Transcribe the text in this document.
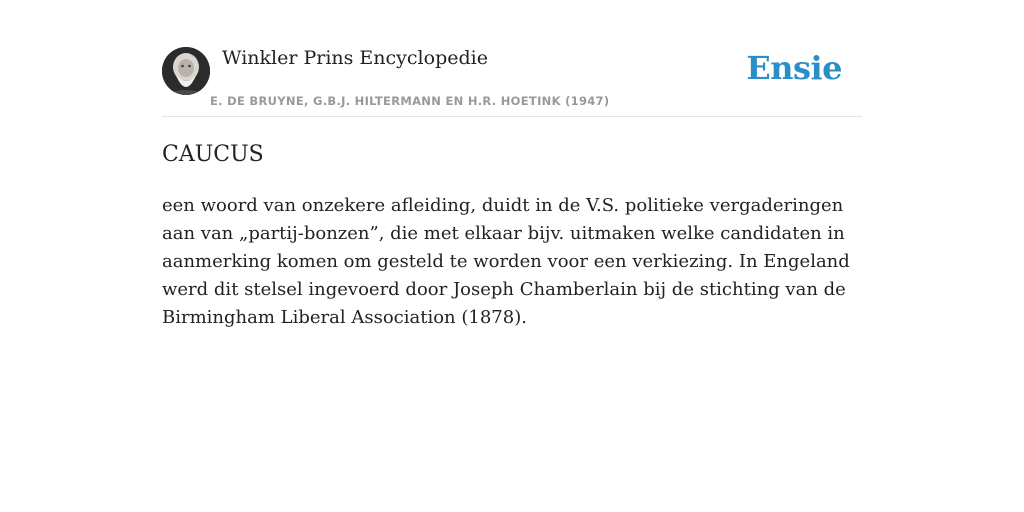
Winkler Prins Encyclopedie
E. DE BRUYNE, G.B.J. HILTERMANN EN H.R. HOETINK (1947)
Ensie
CAUCUS

een woord van onzekere afleiding, duidt in de V.S. politieke vergaderingen aan van „partij-bonzen”, die met elkaar bijv. uitmaken welke candidaten in aanmerking komen om gesteld te worden voor een verkiezing. In Engeland werd dit stelsel ingevoerd door Joseph Chamberlain bij de stichting van de Birmingham Liberal Association (1878).
